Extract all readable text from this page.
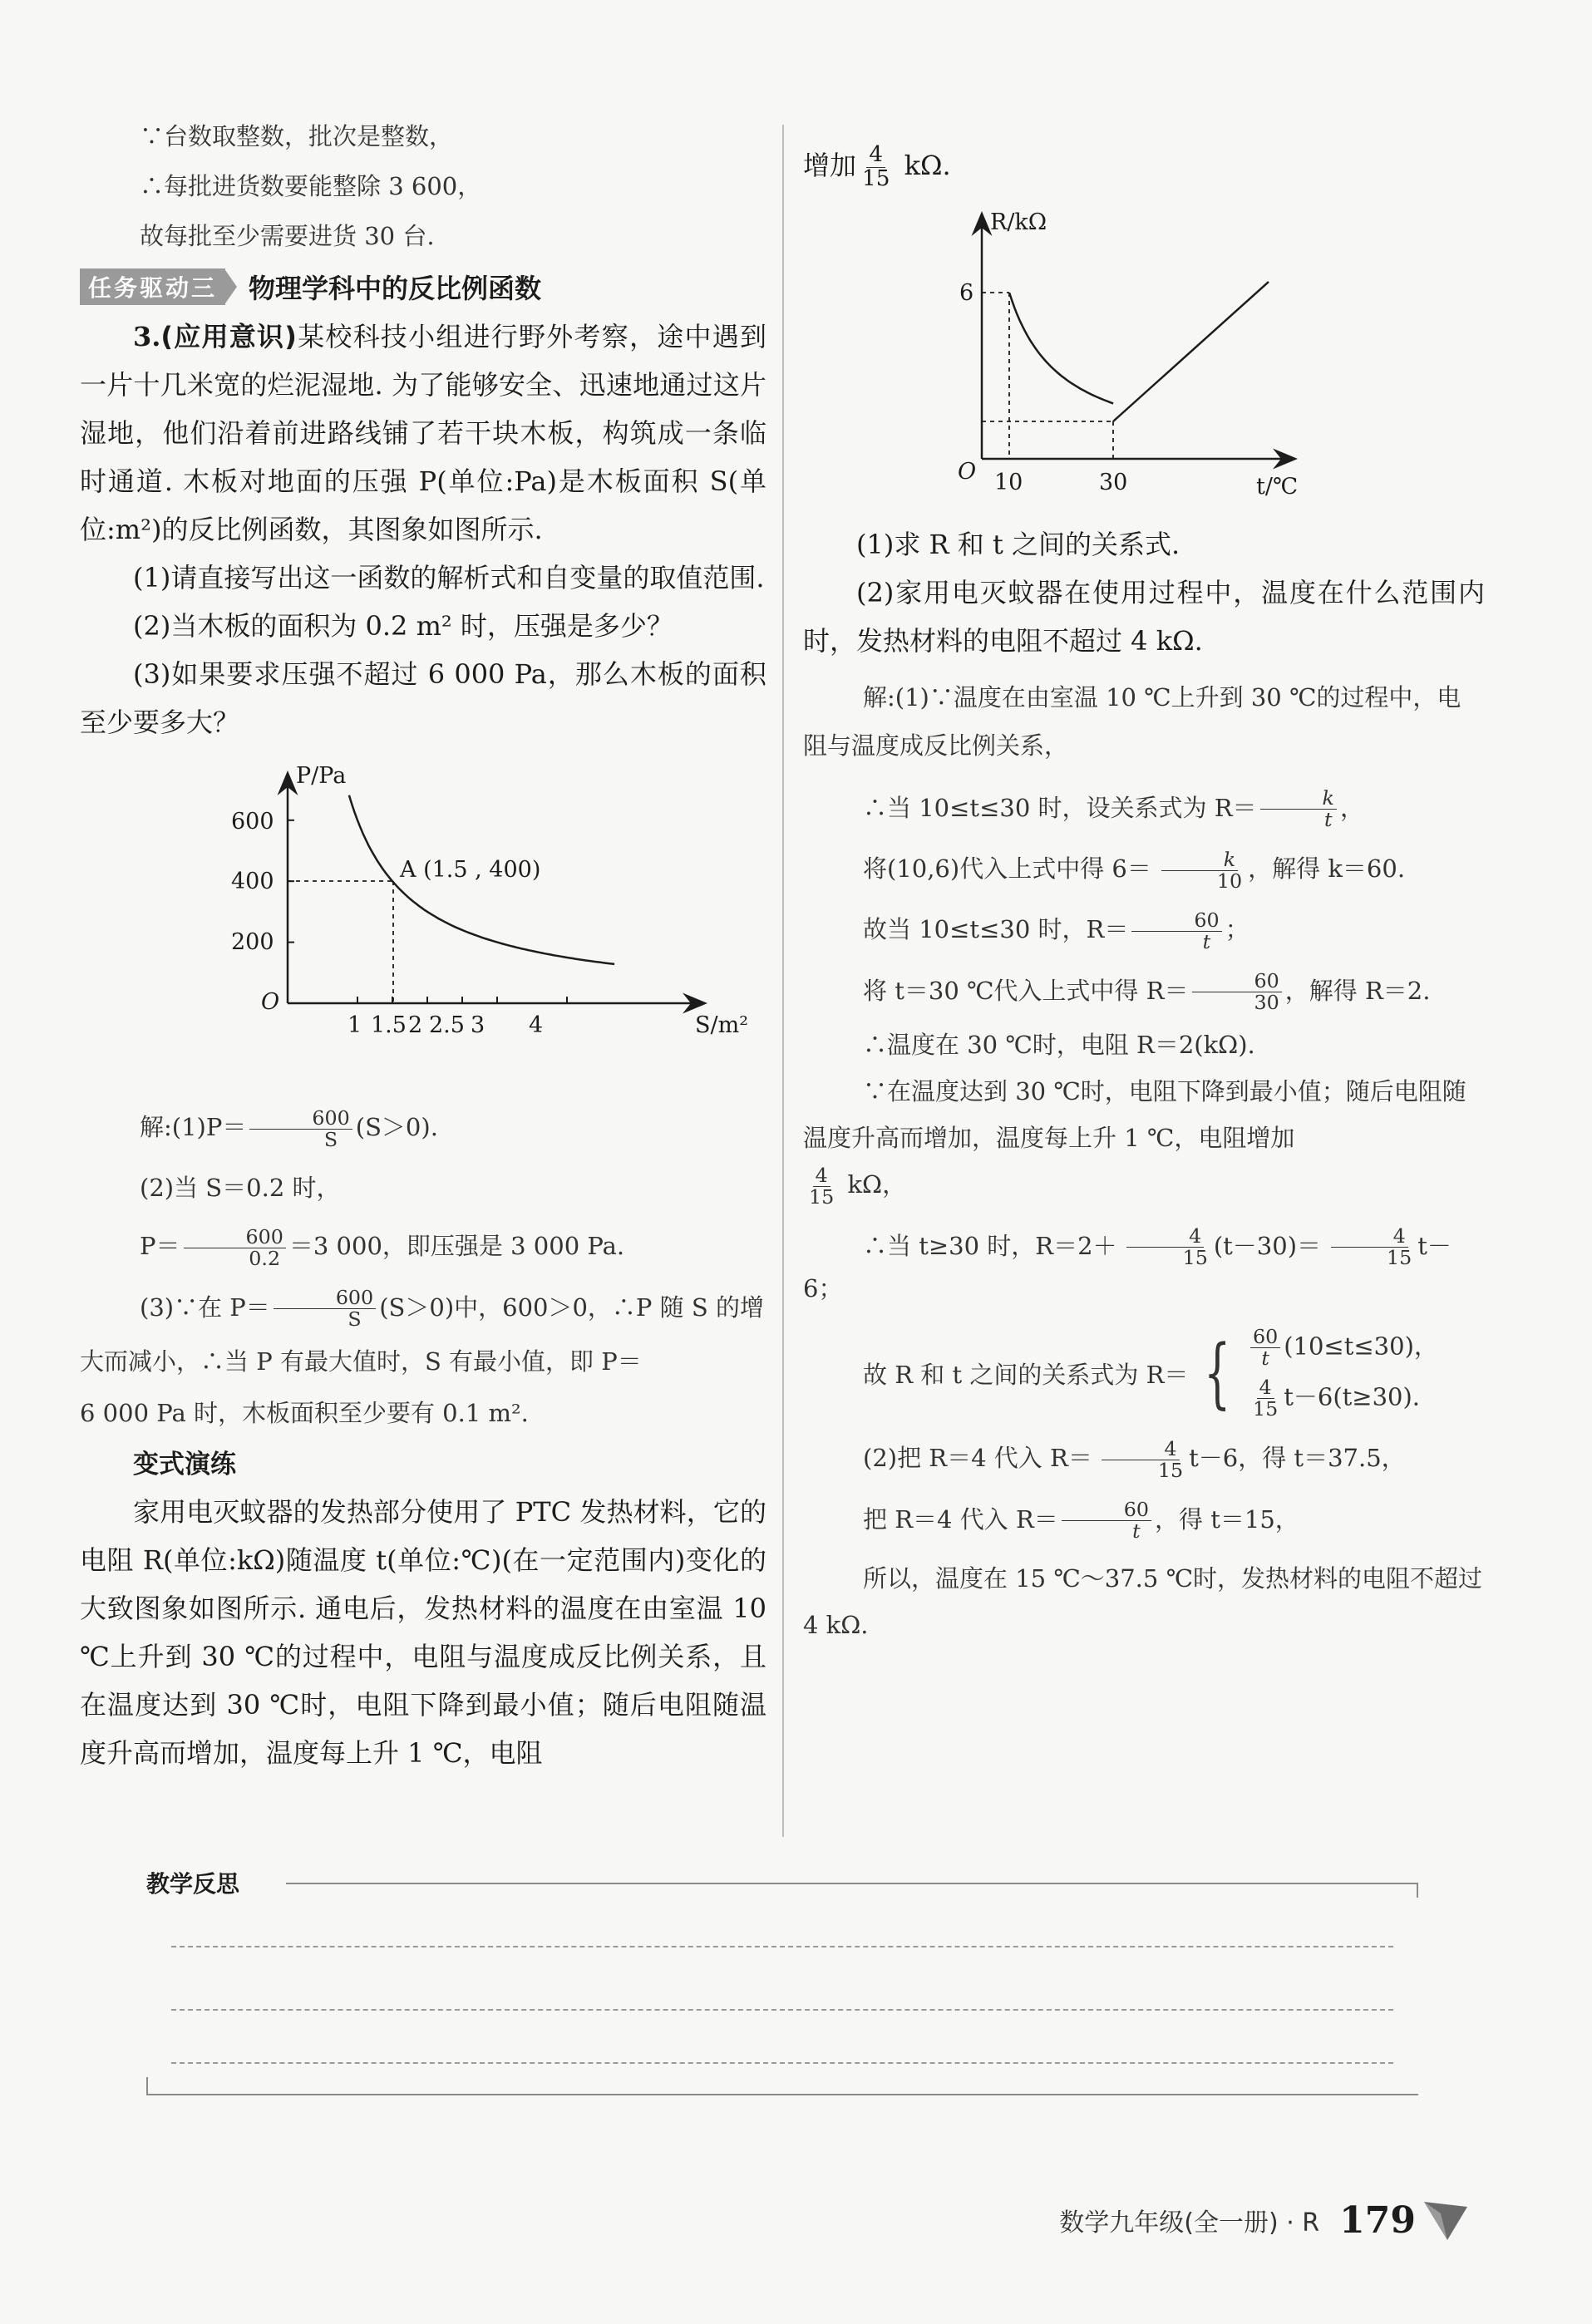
∵台数取整数，批次是整数，

∴每批进货数要能整除 3 600，

故每批至少需要进货 30 台.

任务驱动三	物理学科中的反比例函数

3.(应用意识)某校科技小组进行野外考察，途中遇到一片十几米宽的烂泥湿地. 为了能够安全、迅速地通过这片湿地，他们沿着前进路线铺了若干块木板，构筑成一条临时通道. 木板对地面的压强 P(单位:Pa)是木板面积 S(单位:m²)的反比例函数，其图象如图所示.

(1)请直接写出这一函数的解析式和自变量的取值范围.

(2)当木板的面积为 0.2 m² 时，压强是多少？

(3)如果要求压强不超过 6 000 Pa，那么木板的面积至少要多大？

P/Pa
S/m²
O
600
400
200
1 1.5 2 2.5 3 4
A (1.5 , 400)

解:(1)P＝ $\frac{600}{S} (S>0)$.

(2)当 S＝0.2 时，

$P= \frac{600}{0.2} =3$ 000，即压强是 3 000 Pa.

(3)∵在 $P= \frac{600}{S} (S>0)$中，600＞0，∴P 随 S 的增

大而减小，∴当 P 有最大值时，S 有最小值，即 P＝

6 000 Pa 时，木板面积至少要有 0.1 m².

变式演练

家用电灭蚊器的发热部分使用了 PTC 发热材料，它的电阻 R(单位:kΩ)随温度 t(单位:℃)(在一定范围内)变化的大致图象如图所示. 通电后，发热材料的温度在由室温 10 ℃上升到 30 ℃的过程中，电阻与温度成反比例关系，且在温度达到 30 ℃时，电阻下降到最小值；随后电阻随温度升高而增加，温度每上升 1 ℃，电阻

增加 $\frac{4}{15} k\Omega$.

R/kΩ
t/℃
O
6
10	30

(1)求 R 和 t 之间的关系式.

(2)家用电灭蚊器在使用过程中，温度在什么范围内时，发热材料的电阻不超过 4 kΩ.

解:(1)∵温度在由室温 10 ℃上升到 30 ℃的过程中，电阻与温度成反比例关系，

∴当 10≤t≤30 时，设关系式为 $R= \frac{k}{t}$ ，

将(10,6)代入上式中得 $6= \frac{k}{10}$ ，解得 k＝60.

故当 10≤t≤30 时，$R= \frac{60}{t}$ ；

将 t＝30 ℃代入上式中得 $R= \frac{60}{30}$ ，解得 R＝2.

∴温度在 30 ℃时，电阻 R＝2(kΩ).

∵在温度达到 30 ℃时，电阻下降到最小值；随后电阻随温度升高而增加，温度每上升 1 ℃，电阻增加

$\frac{4}{15}$ kΩ，

∴当 t≥30 时，$R=2+ \frac{4}{15} (t-30)= \frac{4}{15} t-6$；

故 R 和 t 之间的关系式为 R＝ { $\frac{60}{t} (10\le t\le 30)$，
$\frac{4}{15} t-6(t\ge 30)$.

(2)把 R＝4 代入 $R= \frac{4}{15} t-6$，得 t＝37.5，

把 R＝4 代入 $R= \frac{60}{t}$ ，得 t＝15，

所以，温度在 15 ℃～37.5 ℃时，发热材料的电阻不超过 4 kΩ.

教学反思
数学九年级(全一册) · R 179
